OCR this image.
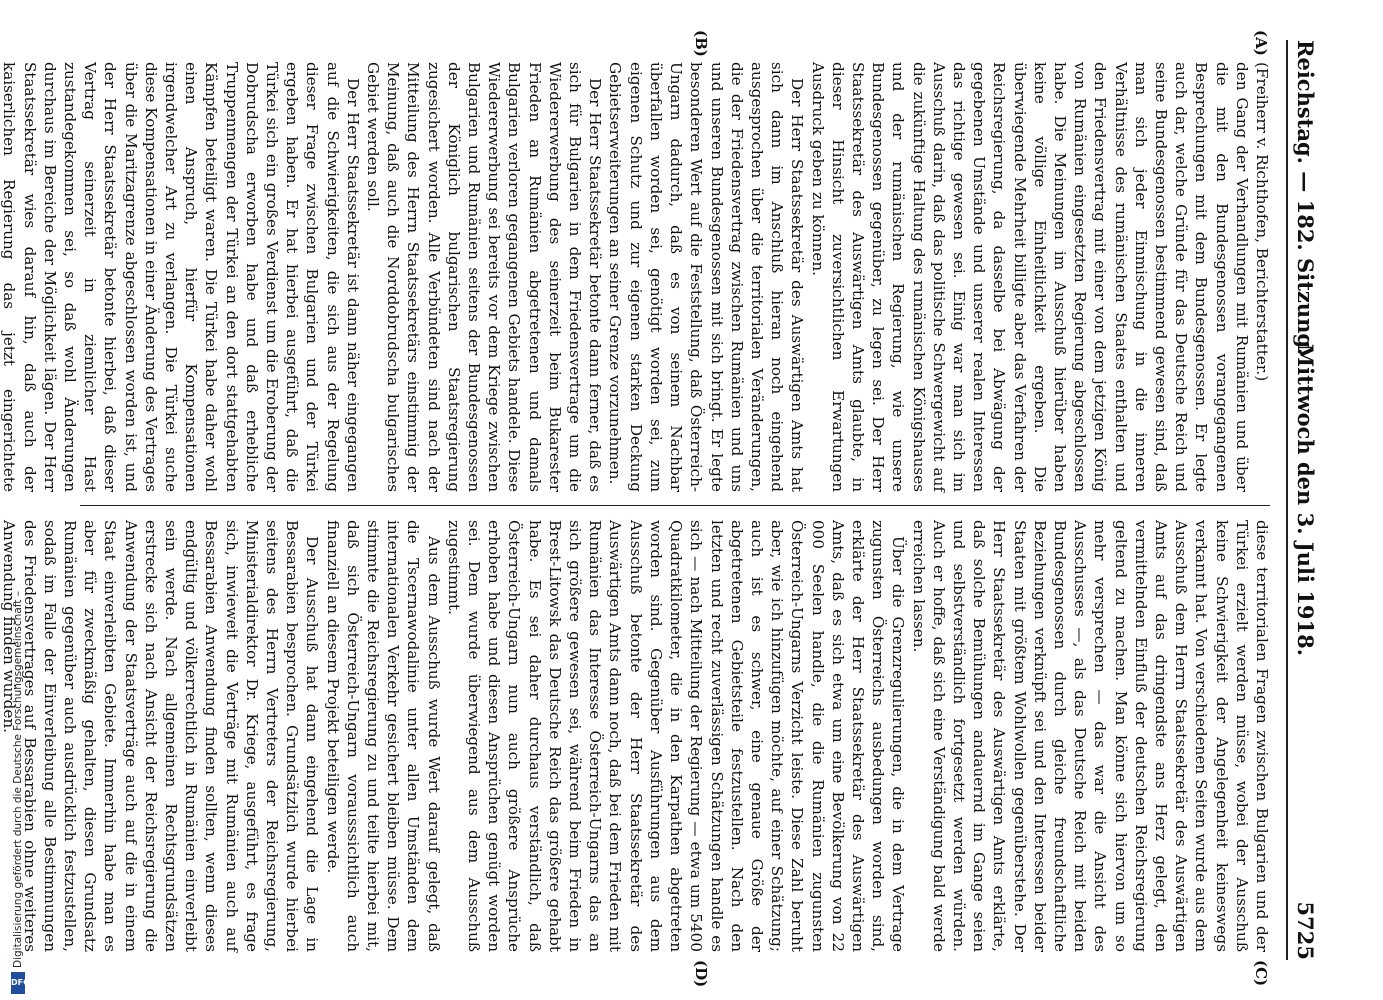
Reichstag. — 182. Sitzung.
Mittwoch den 3. Juli 1918.
5725
(A)
(B)
(C)
(D)

(Freiherr v. Richthofen, Berichterstatter.)

den Gang der Verhandlungen mit Rumänien und über die mit den Bundesgenossen vorangegangenen Besprechungen mit dem Bundesgenossen. Er legte auch dar, welche Gründe für das Deutsche Reich und seine Bundesgenossen bestimmend gewesen sind, daß man sich jeder Einmischung in die inneren Verhältnisse des rumänischen Staates enthalten und den Friedensvertrag mit einer von dem jetzigen König von Rumänien eingesetzten Regierung abgeschlossen habe. Die Meinungen im Ausschuß hierüber haben keine völlige Einheitlichkeit ergeben. Die überwiegende Mehrheit billigte aber das Verfahren der Reichsregierung, da dasselbe bei Abwägung der gegebenen Umstände und unserer realen Interessen das richtige gewesen sei. Einig war man sich im Ausschuß darin, daß das politische Schwergewicht auf die zukünftige Haltung des rumänischen Königshauses und der rumänischen Regierung, wie unsere Bundesgenossen gegenüber, zu legen sei. Der Herr Staatssekretär des Auswärtigen Amts glaubte, in dieser Hinsicht zuversichtlichen Erwartungen Ausdruck geben zu können.

Der Herr Staatssekretär des Auswärtigen Amts hat sich dann im Anschluß hieran noch eingehend ausgesprochen über die territorialen Veränderungen, die der Friedensvertrag zwischen Rumänien und uns und unseren Bundesgenossen mit sich bringt. Er legte besonderen Wert auf die Feststellung, daß Österreich-Ungarn dadurch, daß es von seinem Nachbar überfallen worden sei, genötigt worden sei, zum eigenen Schutz und zur eigenen starken Deckung Gebietserweiterungen an seiner Grenze vorzunehmen.

Der Herr Staatssekretär betonte dann ferner, daß es sich für Bulgarien in dem Friedensvertrage um die Wiedererwerbung des seinerzeit beim Bukarester Frieden an Rumänien abgetretenen und damals Bulgarien verloren gegangenen Gebiets handele. Diese Wiedererwerbung sei bereits vor dem Kriege zwischen Bulgarien und Rumänien seitens der Bundesgenossen der Königlich bulgarischen Staatsregierung zugesichert worden. Alle Verbündeten sind nach der Mitteilung des Herrn Staatssekretärs einstimmig der Meinung, daß auch die Norddobrudscha bulgarisches Gebiet werden soll.

Der Herr Staatssekretär ist dann näher eingegangen auf die Schwierigkeiten, die sich aus der Regelung dieser Frage zwischen Bulgarien und der Türkei ergeben haben. Er hat hierbei ausgeführt, daß die Türkei sich ein großes Verdienst um die Eroberung der Dobrudscha erworben habe und daß erhebliche Truppenmengen der Türkei an den dort stattgehabten Kämpfen beteiligt waren. Die Türkei habe daher wohl einen Anspruch, hierfür Kompensationen irgendwelcher Art zu verlangen. Die Türkei suche diese Kompensationen in einer Änderung des Vertrages über die Maritzagrenze abgeschlossen worden ist, und der Herr Staatssekretär betonte hierbei, daß dieser Vertrag seinerzeit in ziemlicher Hast zustandegekommen sei, so daß wohl Änderungen durchaus im Bereiche der Möglichkeit lägen. Der Herr Staatssekretär wies darauf hin, daß auch der kaiserlichen Regierung das jetzt eingerichtete

diese territorialen Fragen zwischen Bulgarien und der Türkei erzielt werden müsse, wobei der Ausschuß keine Schwierigkeit der Angelegenheit keineswegs verkannt hat. Von verschiedenen Seiten wurde aus dem Ausschuß dem Herrn Staatssekretär des Auswärtigen Amts auf das dringendste ans Herz gelegt, den vermittelnden Einfluß der deutschen Reichsregierung geltend zu machen. Man könne sich hiervon um so mehr versprechen — das war die Ansicht des Ausschusses —, als das Deutsche Reich mit beiden Bundesgenossen durch gleiche freundschaftliche Beziehungen verknüpft sei und den Interessen beider Staaten mit größtem Wohlwollen gegenüberstehe. Der Herr Staatssekretär des Auswärtigen Amts erklärte, daß solche Bemühungen andauernd im Gange seien und selbstverständlich fortgesetzt werden würden. Auch er hoffe, daß sich eine Verständigung bald werde erreichen lassen.

Über die Grenzregulierungen, die in dem Vertrage zugunsten Österreichs ausbedungen worden sind, erklärte der Herr Staatssekretär des Auswärtigen Amts, daß es sich etwa um eine Bevölkerung von 22 000 Seelen handle, die die Rumänien zugunsten Österreich-Ungarns Verzicht leiste. Diese Zahl beruht aber, wie ich hinzufügen möchte, auf einer Schätzung; auch ist es schwer, eine genaue Größe der abgetretenen Gebietsteile festzustellen. Nach den letzten und recht zuverlässigen Schätzungen handle es sich — nach Mitteilung der Regierung — etwa um 5400 Quadratkilometer, die in den Karpathen abgetreten worden sind. Gegenüber Ausführungen aus dem Ausschuß betonte der Herr Staatssekretär des Auswärtigen Amts dann noch, daß bei dem Frieden mit Rumänien das Interesse Österreich-Ungarns das an sich größere gewesen sei, während beim Frieden in Brest-Litowsk das Deutsche Reich das größere gehabt habe. Es sei daher durchaus verständlich, daß Österreich-Ungarn nun auch größere Ansprüche erhoben habe und diesen Ansprüchen genügt worden sei. Dem wurde überwiegend aus dem Ausschuß zugestimmt.

Aus dem Ausschuß wurde Wert darauf gelegt, daß die Tscernawodalinie unter allen Umständen dem internationalen Verkehr gesichert bleiben müsse. Dem stimmte die Reichsregierung zu und teilte hierbei mit, daß sich Österreich-Ungarn vorausssichtlich auch finanziell an diesem Projekt beteiligen werde.

Der Ausschuß hat dann eingehend die Lage in Bessarabien besprochen. Grundsätzlich wurde hierbei seitens des Herrn Vertreters der Reichsregierung, Ministerialdirektor Dr. Kriege, ausgeführt, es frage sich, inwieweit die Verträge mit Rumänien auch auf Bessarabien Anwendung finden sollten, wenn dieses endgültig und völkerrechtlich in Rumänien einverleibt sein werde. Nach allgemeinen Rechtsgrundsätzen erstrecke sich nach Ansicht der Reichsregierung die Anwendung der Staatsverträge auch auf die in einem Staat einverleibten Gebiete. Immerhin habe man es aber für zweckmäßig gehalten, diesen Grundsatz Rumänien gegenüber auch ausdrücklich festzustellen, sodaß im Falle der Einverleibung alle Bestimmungen des Friedensvertrages auf Bessarabien ohne weiteres Anwendung finden würden.

Digitalisierung gefördert durch die Deutsche Forschungsgemeinschaft –
DFG
